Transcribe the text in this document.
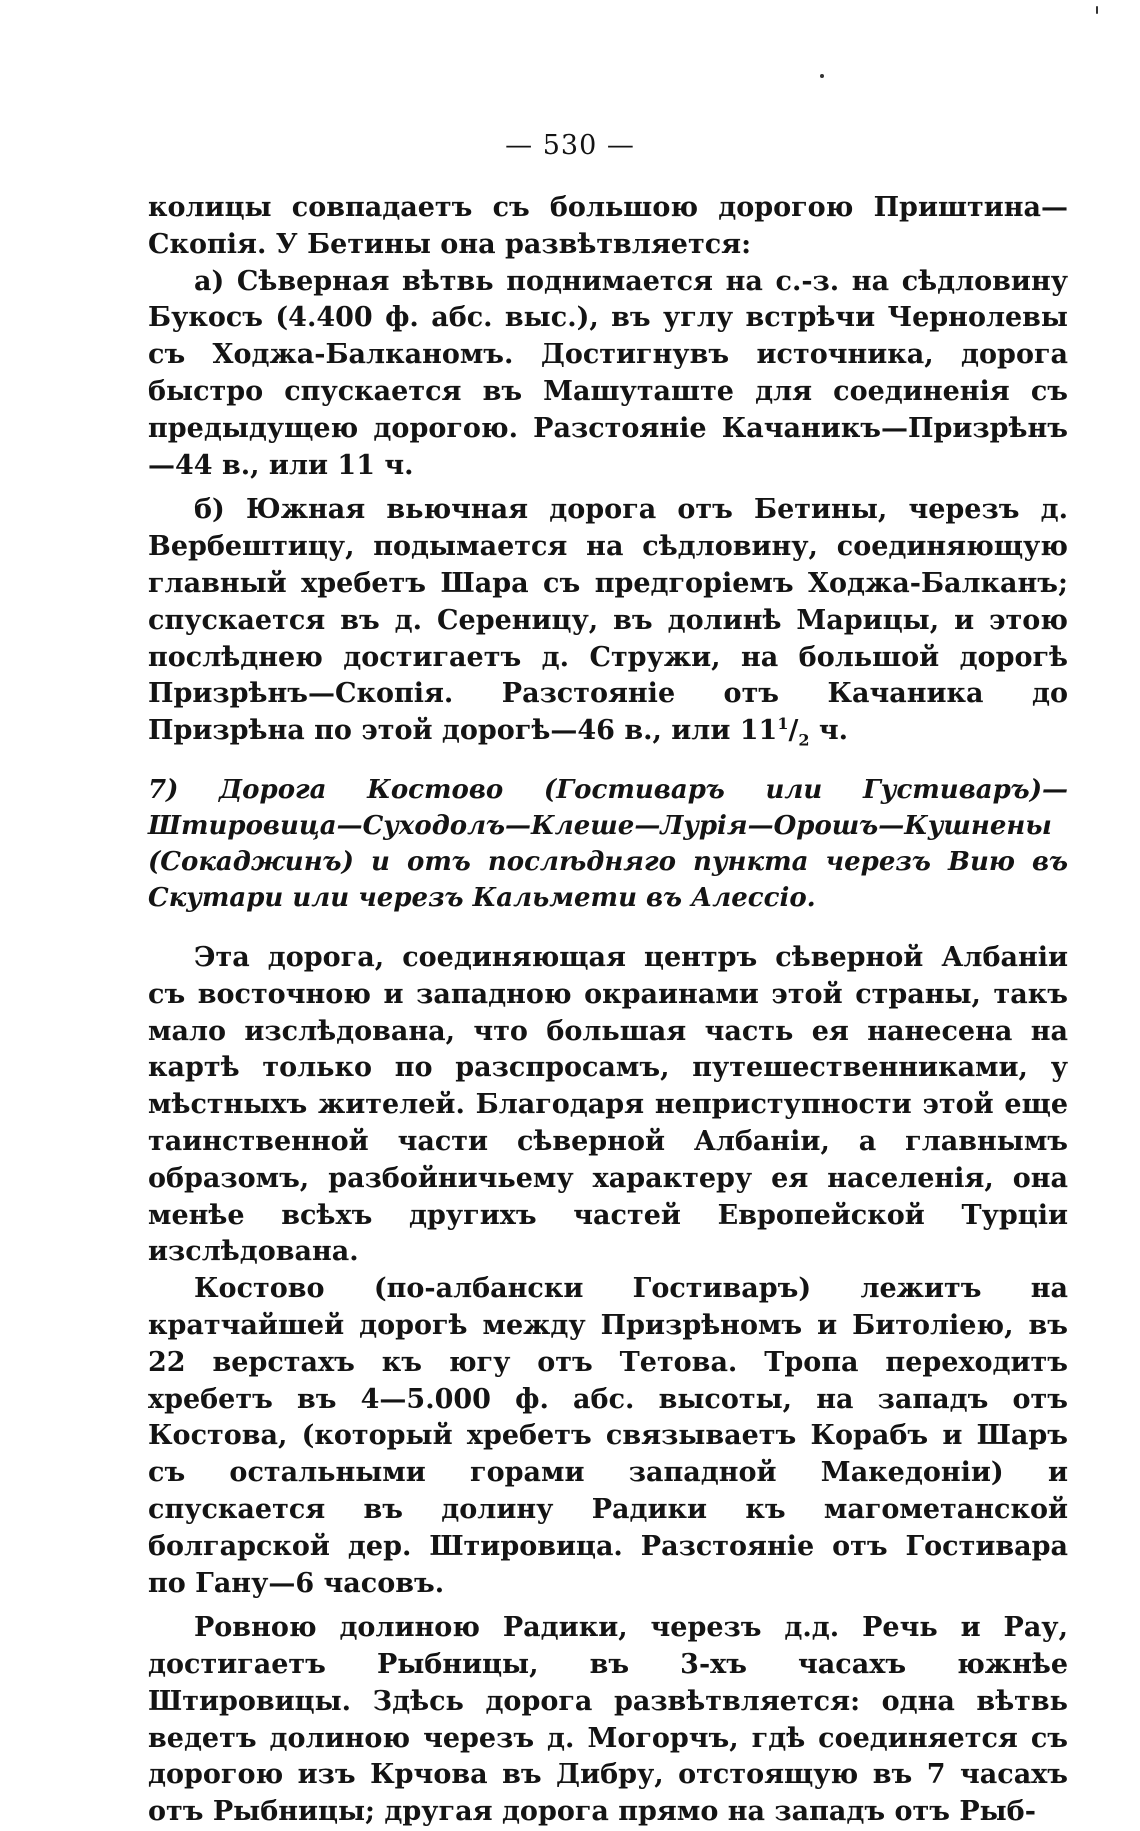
— 530 —

колицы совпадаетъ съ большою дорогою Приштина—Скопія. У Бетины она развѣтвляется:

а) Сѣверная вѣтвь поднимается на с.-з. на сѣдловину Букосъ (4.400 ф. абс. выс.), въ углу встрѣчи Чернолевы съ Ходжа-Балканомъ. Достигнувъ источника, дорога быстро спускается въ Машуташте для соединенія съ предыдущею дорогою. Разстояніе Качаникъ—Призрѣнъ—44 в., или 11 ч.

б) Южная вьючная дорога отъ Бетины, черезъ д. Вербештицу, подымается на сѣдловину, соединяющую главный хребетъ Шара съ предгоріемъ Ходжа-Балканъ; спускается въ д. Сереницу, въ долинѣ Марицы, и этою послѣднею достигаетъ д. Стружи, на большой дорогѣ Призрѣнъ—Скопія. Разстояніе отъ Качаника до Призрѣна по этой дорогѣ—46 в., или $11^1/_2$ ч.

7) Дорога Костово (Гостиваръ или Густиваръ)—Штировица—Суходолъ—Клеше—Лурія—Орошъ—Кушнены (Сокаджинъ) и отъ послѣдняго пункта черезъ Вию въ Скутари или черезъ Кальмети въ Алессіо.

Эта дорога, соединяющая центръ сѣверной Албаніи съ восточною и западною окраинами этой страны, такъ мало изслѣдована, что большая часть ея нанесена на картѣ только по разспросамъ, путешественниками, у мѣстныхъ жителей. Благодаря неприступности этой еще таинственной части сѣверной Албаніи, а главнымъ образомъ, разбойничьему характеру ея населенія, она менѣе всѣхъ другихъ частей Европейской Турціи изслѣдована.

Костово (по-албански Гостиваръ) лежитъ на кратчайшей дорогѣ между Призрѣномъ и Битоліею, въ 22 верстахъ къ югу отъ Тетова. Тропа переходитъ хребетъ въ 4—5.000 ф. абс. высоты, на западъ отъ Костова, (который хребетъ связываетъ Корабъ и Шаръ съ остальными горами западной Македоніи) и спускается въ долину Радики къ магометанской болгарской дер. Штировица. Разстояніе отъ Гостивара по Гану—6 часовъ.

Ровною долиною Радики, черезъ д.д. Речь и Рау, достигаетъ Рыбницы, въ 3-хъ часахъ южнѣе Штировицы. Здѣсь дорога развѣтвляется: одна вѣтвь ведетъ долиною черезъ д. Могорчъ, гдѣ соединяется съ дорогою изъ Крчова въ Дибру, отстоящую въ 7 часахъ отъ Рыбницы; другая дорога прямо на западъ отъ Рыб-
